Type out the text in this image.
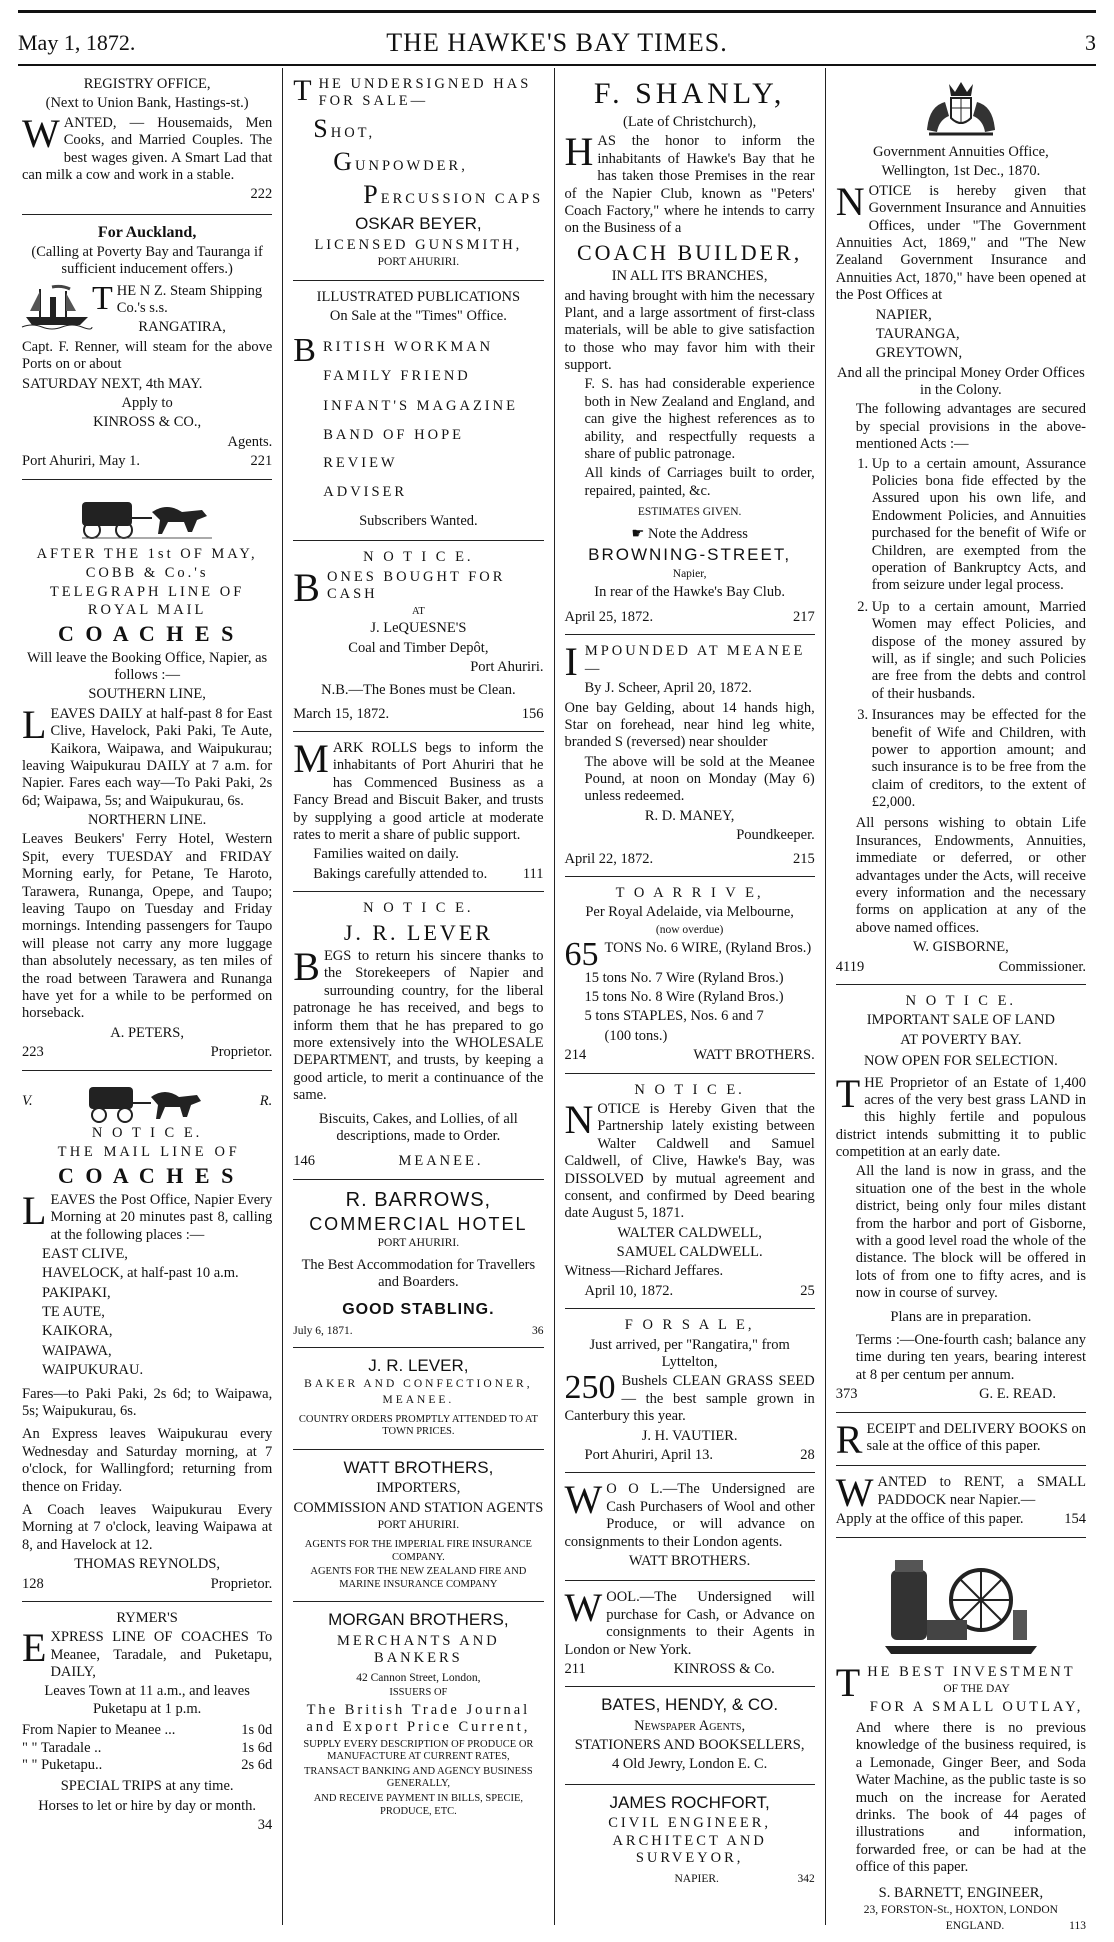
May 1, 1872.	THE HAWKE'S BAY TIMES.	3

REGISTRY OFFICE,

(Next to Union Bank, Hastings-st.)

WANTED, — Housemaids, Men Cooks, and Married Couples. The best wages given. A Smart Lad that can milk a cow and work in a stable.

222

For Auckland,

(Calling at Poverty Bay and Tauranga if sufficient inducement offers.)

THE N Z. Steam Shipping Co.'s s.s.

RANGATIRA,

Capt. F. Renner, will steam for the above Ports on or about

SATURDAY NEXT, 4th MAY.

Apply to

KINROSS & CO.,

Agents.

Port Ahuriri, May 1.	221

AFTER THE 1st OF MAY,

COBB & Co.'s

TELEGRAPH LINE OF ROYAL MAIL

C O A C H E S

Will leave the Booking Office, Napier, as follows :—

SOUTHERN LINE,

LEAVES DAILY at half-past 8 for East Clive, Havelock, Paki Paki, Te Aute, Kaikora, Waipawa, and Waipukurau; leaving Waipukurau DAILY at 7 a.m. for Napier. Fares each way—To Paki Paki, 2s 6d; Waipawa, 5s; and Waipukurau, 6s.

NORTHERN LINE.

Leaves Beukers' Ferry Hotel, Western Spit, every TUESDAY and FRIDAY Morning early, for Petane, Te Haroto, Tarawera, Runanga, Opepe, and Taupo; leaving Taupo on Tuesday and Friday mornings. Intending passengers for Taupo will please not carry any more luggage than absolutely necessary, as ten miles of the road between Tarawera and Runanga have yet for a while to be performed on horseback.

A. PETERS,

223	Proprietor.
V.	R.

N O T I C E.

T H E   M A I L   L I N E   O F

C O A C H E S

LEAVES the Post Office, Napier Every Morning at 20 minutes past 8, calling at the following places :—

EAST CLIVE,

HAVELOCK, at half-past 10 a.m.

PAKIPAKI,

TE AUTE,

KAIKORA,

WAIPAWA,

WAIPUKURAU.

Fares—to Paki Paki, 2s 6d; to Waipawa, 5s; Waipukurau, 6s.

An Express leaves Waipukurau every Wednesday and Saturday morning, at 7 o'clock, for Wallingford; returning from thence on Friday.

A Coach leaves Waipukurau Every Morning at 7 o'clock, leaving Waipawa at 8, and Havelock at 12.

THOMAS REYNOLDS,

128	Proprietor.

RYMER'S

EXPRESS LINE OF COACHES To Meanee, Taradale, and Puketapu, DAILY,

Leaves Town at 11 a.m., and leaves Puketapu at 1 p.m.

From Napier to Meanee ...	1s 0d
" " Taradale ..	1s 6d
" " Puketapu..	2s 6d

SPECIAL TRIPS at any time.

Horses to let or hire by day or month.

34

THE UNDERSIGNED HAS FOR SALE—

SHOT,

GUNPOWDER,

PERCUSSION CAPS

OSKAR BEYER,

LICENSED GUNSMITH,

PORT AHURIRI.

ILLUSTRATED PUBLICATIONS

On Sale at the "Times" Office.

BRITISH WORKMAN

FAMILY FRIEND

INFANT'S MAGAZINE

BAND OF HOPE REVIEW

ADVISER

Subscribers Wanted.

N O T I C E.

BONES BOUGHT FOR CASH

AT

J. LeQUESNE'S

Coal and Timber Depôt,

Port Ahuriri.

N.B.—The Bones must be Clean.

March 15, 1872.	156

MARK ROLLS begs to inform the inhabitants of Port Ahuriri that he has Commenced Business as a Fancy Bread and Biscuit Baker, and trusts by supplying a good article at moderate rates to merit a share of public support.

Families waited on daily.

Bakings carefully attended to. 111

N O T I C E.

J. R. LEVER

BEGS to return his sincere thanks to the Storekeepers of Napier and surrounding country, for the liberal patronage he has received, and begs to inform them that he has prepared to go more extensively into the WHOLESALE DEPARTMENT, and trusts, by keeping a good article, to merit a continuance of the same.

Biscuits, Cakes, and Lollies, of all descriptions, made to Order.

146	MEANEE.

R. BARROWS,

COMMERCIAL HOTEL

PORT AHURIRI.

The Best Accommodation for Travellers and Boarders.

GOOD STABLING.

July 6, 1871.	36

J. R. LEVER,

BAKER AND CONFECTIONER,

MEANEE.

COUNTRY ORDERS PROMPTLY ATTENDED TO AT TOWN PRICES.

WATT BROTHERS,

IMPORTERS,

COMMISSION AND STATION AGENTS

PORT AHURIRI.

AGENTS FOR THE IMPERIAL FIRE INSURANCE COMPANY.

AGENTS FOR THE NEW ZEALAND FIRE AND MARINE INSURANCE COMPANY

MORGAN BROTHERS,

MERCHANTS AND BANKERS

42 Cannon Street, London,

ISSUERS OF

The British Trade Journal and Export Price Current,

SUPPLY EVERY DESCRIPTION OF PRODUCE OR MANUFACTURE AT CURRENT RATES,

TRANSACT BANKING AND AGENCY BUSINESS GENERALLY,

AND RECEIVE PAYMENT IN BILLS, SPECIE, PRODUCE, ETC.

F. SHANLY,

(Late of Christchurch),

HAS the honor to inform the inhabitants of Hawke's Bay that he has taken those Premises in the rear of the Napier Club, known as "Peters' Coach Factory," where he intends to carry on the Business of a

COACH BUILDER,

IN ALL ITS BRANCHES,

and having brought with him the necessary Plant, and a large assortment of first-class materials, will be able to give satisfaction to those who may favor him with their support.

F. S. has had considerable experience both in New Zealand and England, and can give the highest references as to ability, and respectfully requests a share of public patronage.

All kinds of Carriages built to order, repaired, painted, &c.

ESTIMATES GIVEN.

☛ Note the Address

BROWNING-STREET,

Napier,

In rear of the Hawke's Bay Club.

April 25, 1872.	217

IMPOUNDED AT MEANEE—

By J. Scheer, April 20, 1872.

One bay Gelding, about 14 hands high, Star on forehead, near hind leg white, branded S (reversed) near shoulder

The above will be sold at the Meanee Pound, at noon on Monday (May 6) unless redeemed.

R. D. MANEY,

Poundkeeper.

April 22, 1872.	215

T O A R R I V E,

Per Royal Adelaide, via Melbourne,

(now overdue)

65 TONS No. 6 WIRE, (Ryland Bros.)

15 tons No. 7 Wire (Ryland Bros.)

15 tons No. 8 Wire (Ryland Bros.)

5 tons STAPLES, Nos. 6 and 7

(100 tons.)

214	WATT BROTHERS.

N O T I C E.

NOTICE is Hereby Given that the Partnership lately existing between Walter Caldwell and Samuel Caldwell, of Clive, Hawke's Bay, was DISSOLVED by mutual agreement and consent, and confirmed by Deed bearing date August 5, 1871.

WALTER CALDWELL,

SAMUEL CALDWELL.

Witness—Richard Jeffares.

April 10, 1872.	25

F O R S A L E,

Just arrived, per "Rangatira," from Lyttelton,

250 Bushels CLEAN GRASS SEED — the best sample grown in Canterbury this year.

J. H. VAUTIER.

Port Ahuriri, April 13.	28

W O O L.—The Undersigned are Cash Purchasers of Wool and other Produce, or will advance on consignments to their London agents.

WATT BROTHERS.

WOOL.—The Undersigned will purchase for Cash, or Advance on consignments to their Agents in London or New York.

211	KINROSS & Co.

BATES, HENDY, & CO.

Newspaper Agents,

STATIONERS AND BOOKSELLERS,

4 Old Jewry, London E. C.

JAMES ROCHFORT,

CIVIL ENGINEER, ARCHITECT AND SURVEYOR,

NAPIER.	342

Government Annuities Office,

Wellington, 1st Dec., 1870.

NOTICE is hereby given that Government Insurance and Annuities Offices, under "The Government Annuities Act, 1869," and "The New Zealand Government Insurance and Annuities Act, 1870," have been opened at the Post Offices at

NAPIER,

TAURANGA,

GREYTOWN,

And all the principal Money Order Offices in the Colony.

The following advantages are secured by special provisions in the above-mentioned Acts :—

1. Up to a certain amount, Assurance Policies bona fide effected by the Assured upon his own life, and Endowment Policies, and Annuities purchased for the benefit of Wife or Children, are exempted from the operation of Bankruptcy Acts, and from seizure under legal process.
2. Up to a certain amount, Married Women may effect Policies, and dispose of the money assured by will, as if single; and such Policies are free from the debts and control of their husbands.
3. Insurances may be effected for the benefit of Wife and Children, with power to apportion amount; and such insurance is to be free from the claim of creditors, to the extent of £2,000.

All persons wishing to obtain Life Insurances, Endowments, Annuities, immediate or deferred, or other advantages under the Acts, will receive every information and the necessary forms on application at any of the above named offices.

W. GISBORNE,

4119	Commissioner.

N O T I C E.

IMPORTANT SALE OF LAND

AT POVERTY BAY.

NOW OPEN FOR SELECTION.

THE Proprietor of an Estate of 1,400 acres of the very best grass LAND in this highly fertile and populous district intends submitting it to public competition at an early date.

All the land is now in grass, and the situation one of the best in the whole district, being only four miles distant from the harbor and port of Gisborne, with a good level road the whole of the distance. The block will be offered in lots of from one to fifty acres, and is now in course of survey.

Plans are in preparation.

Terms :—One-fourth cash; balance any time during ten years, bearing interest at 8 per centum per annum.

373	G. E. READ.

RECEIPT and DELIVERY BOOKS on sale at the office of this paper.

WANTED to RENT, a SMALL PADDOCK near Napier.—

Apply at the office of this paper.	154

THE BEST INVESTMENT

OF THE DAY

FOR A SMALL OUTLAY,

And where there is no previous knowledge of the business required, is a Lemonade, Ginger Beer, and Soda Water Machine, as the public taste is so much on the increase for Aerated drinks. The book of 44 pages of illustrations and information, forwarded free, or can be had at the office of this paper.

S. BARNETT, ENGINEER,

23, FORSTON-St., HOXTON, LONDON

ENGLAND.	113
